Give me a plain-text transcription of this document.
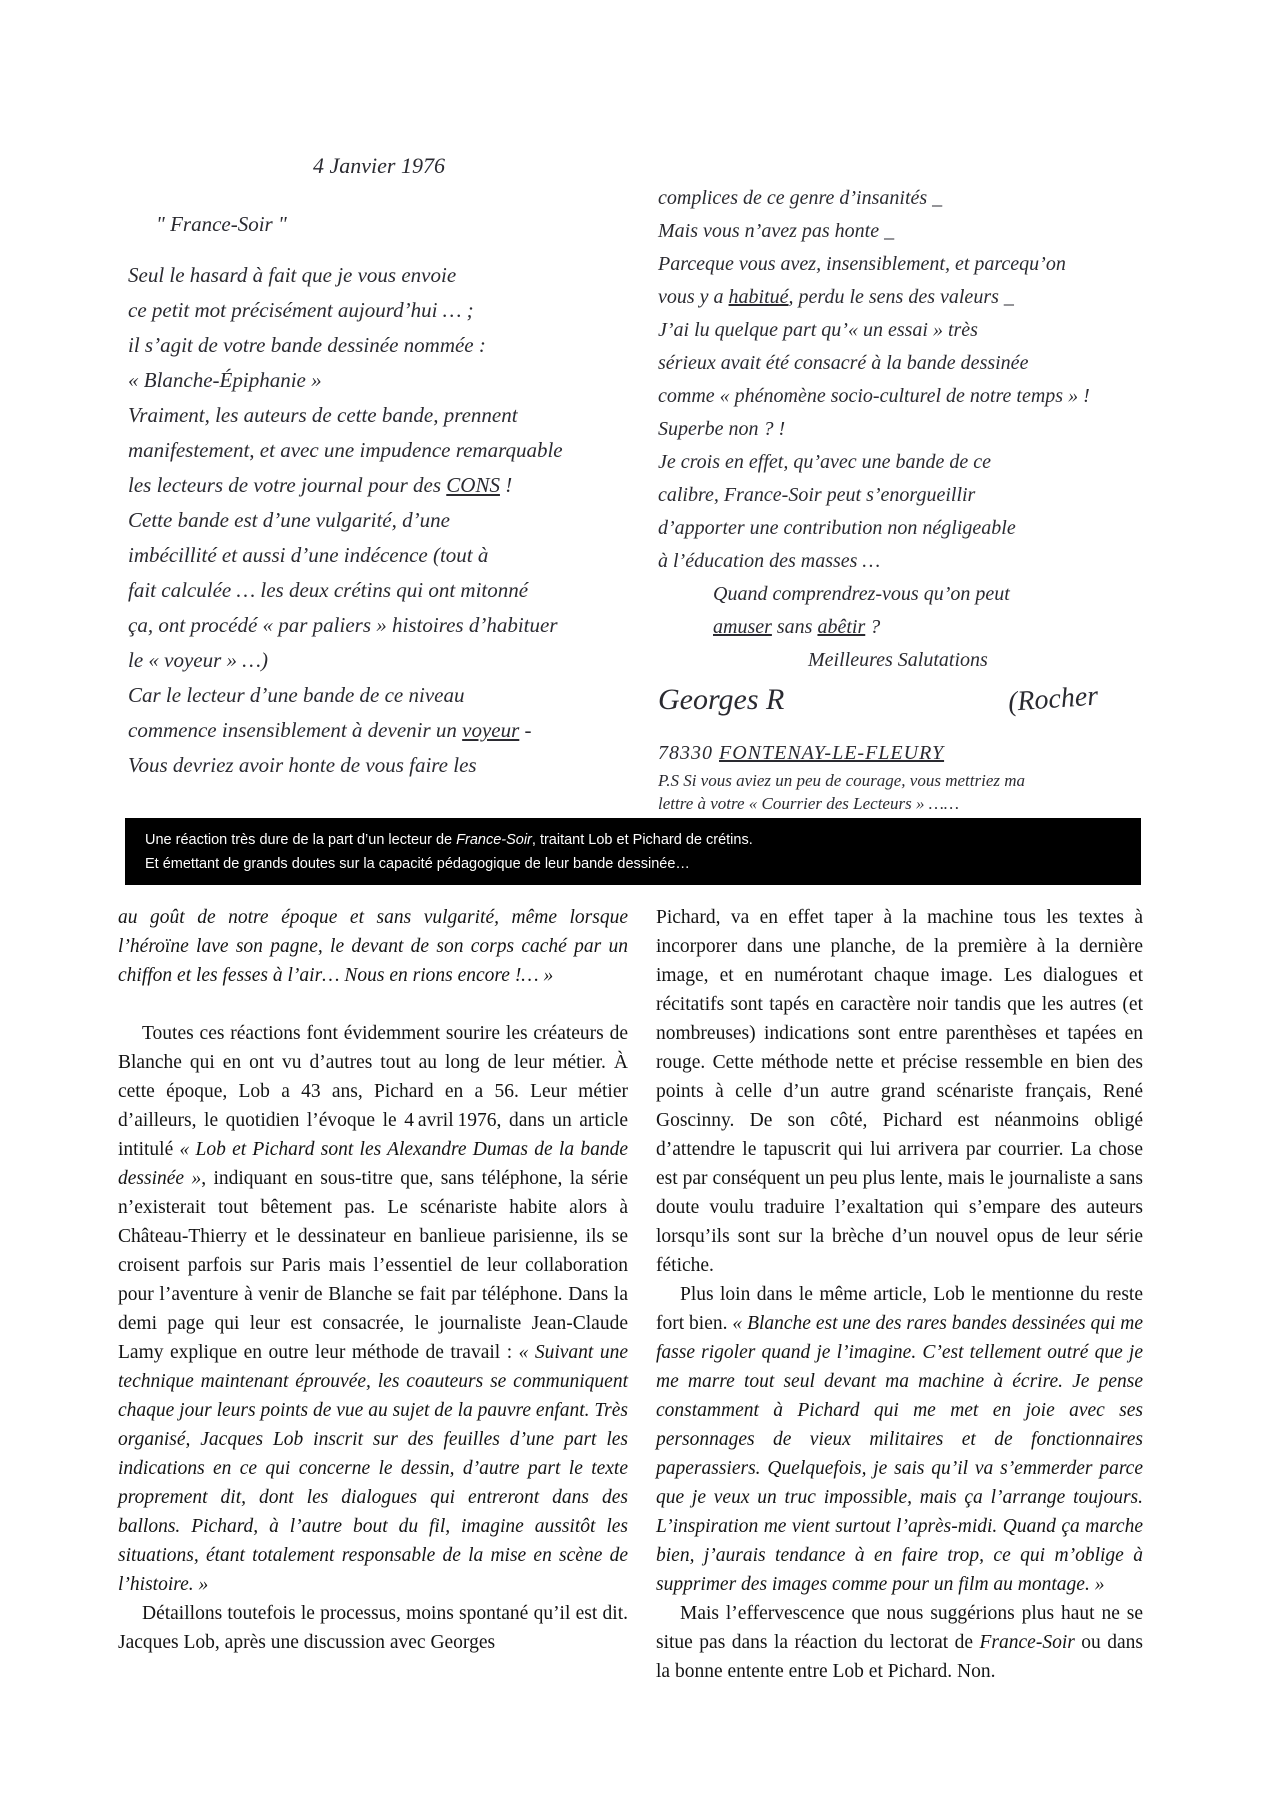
4 Janvier 1976
" France-Soir "
Seul le hasard à fait que je vous envoie
ce petit mot précisément aujourd’hui … ;
il s’agit de votre bande dessinée nommée :
« Blanche-Épiphanie »
Vraiment, les auteurs de cette bande, prennent
manifestement, et avec une impudence remarquable
les lecteurs de votre journal pour des CONS !
Cette bande est d’une vulgarité, d’une
imbécillité et aussi d’une indécence (tout à
fait calculée … les deux crétins qui ont mitonné
ça, ont procédé « par paliers » histoires d’habituer
le « voyeur » …)
Car le lecteur d’une bande de ce niveau
commence insensiblement à devenir un voyeur -
Vous devriez avoir honte de vous faire les
complices de ce genre d’insanités _
Mais vous n’avez pas honte _
Parceque vous avez, insensiblement, et parcequ’on
vous y a habitué, perdu le sens des valeurs _
J’ai lu quelque part qu’« un essai » très
sérieux avait été consacré à la bande dessinée
comme « phénomène socio-culturel de notre temps » !
Superbe non ? !
Je crois en effet, qu’avec une bande de ce
calibre, France-Soir peut s’enorgueillir
d’apporter une contribution non négligeable
à l’éducation des masses …
Quand comprendrez-vous qu’on peut
amuser sans abêtir ?
Meilleures Salutations
Georges R	(Rocher
78330 FONTENAY-LE-FLEURY
P.S Si vous aviez un peu de courage, vous mettriez ma
lettre à votre « Courrier des Lecteurs » ……
Une réaction très dure de la part d’un lecteur de France-Soir, traitant Lob et Pichard de crétins.
Et émettant de grands doutes sur la capacité pédagogique de leur bande dessinée…

au goût de notre époque et sans vulgarité, même lorsque l’héroïne lave son pagne, le devant de son corps caché par un chiffon et les fesses à l’air… Nous en rions encore !… »

Toutes ces réactions font évidemment sourire les créateurs de Blanche qui en ont vu d’autres tout au long de leur métier. À cette époque, Lob a 43 ans, Pichard en a 56. Leur métier d’ailleurs, le quotidien l’évoque le 4 avril 1976, dans un article intitulé « Lob et Pichard sont les Alexandre Dumas de la bande dessinée », indiquant en sous-titre que, sans téléphone, la série n’existerait tout bêtement pas. Le scénariste habite alors à Château-Thierry et le dessinateur en banlieue parisienne, ils se croisent parfois sur Paris mais l’essentiel de leur collaboration pour l’aventure à venir de Blanche se fait par téléphone. Dans la demi page qui leur est consacrée, le journaliste Jean-Claude Lamy explique en outre leur méthode de travail : « Suivant une technique maintenant éprouvée, les coauteurs se communiquent chaque jour leurs points de vue au sujet de la pauvre enfant. Très organisé, Jacques Lob inscrit sur des feuilles d’une part les indications en ce qui concerne le dessin, d’autre part le texte proprement dit, dont les dialogues qui entreront dans des ballons. Pichard, à l’autre bout du fil, imagine aussitôt les situations, étant totalement responsable de la mise en scène de l’histoire. »

Détaillons toutefois le processus, moins spontané qu’il est dit. Jacques Lob, après une discussion avec Georges

Pichard, va en effet taper à la machine tous les textes à incorporer dans une planche, de la première à la dernière image, et en numérotant chaque image. Les dialogues et récitatifs sont tapés en caractère noir tandis que les autres (et nombreuses) indications sont entre parenthèses et tapées en rouge. Cette méthode nette et précise ressemble en bien des points à celle d’un autre grand scénariste français, René Goscinny. De son côté, Pichard est néanmoins obligé d’attendre le tapuscrit qui lui arrivera par courrier. La chose est par conséquent un peu plus lente, mais le journaliste a sans doute voulu traduire l’exaltation qui s’empare des auteurs lorsqu’ils sont sur la brèche d’un nouvel opus de leur série fétiche.

Plus loin dans le même article, Lob le mentionne du reste fort bien. « Blanche est une des rares bandes dessinées qui me fasse rigoler quand je l’imagine. C’est tellement outré que je me marre tout seul devant ma machine à écrire. Je pense constamment à Pichard qui me met en joie avec ses personnages de vieux militaires et de fonctionnaires paperassiers. Quelquefois, je sais qu’il va s’emmerder parce que je veux un truc impossible, mais ça l’arrange toujours. L’inspiration me vient surtout l’après-midi. Quand ça marche bien, j’aurais tendance à en faire trop, ce qui m’oblige à supprimer des images comme pour un film au montage. »

Mais l’effervescence que nous suggérions plus haut ne se situe pas dans la réaction du lectorat de France-Soir ou dans la bonne entente entre Lob et Pichard. Non.
